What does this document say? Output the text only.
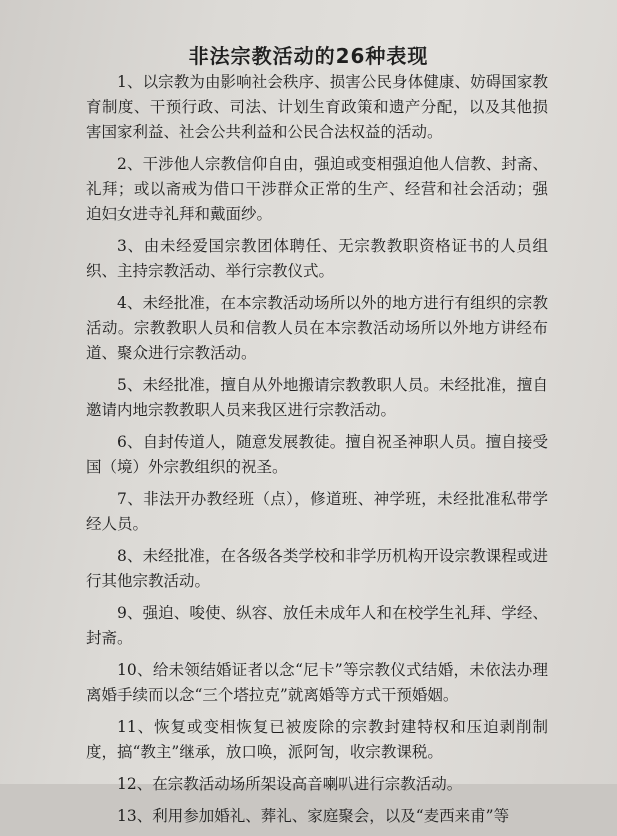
非法宗教活动的26种表现

1、以宗教为由影响社会秩序、损害公民身体健康、妨碍国家教育制度、干预行政、司法、计划生育政策和遗产分配，以及其他损害国家利益、社会公共利益和公民合法权益的活动。

2、干涉他人宗教信仰自由，强迫或变相强迫他人信教、封斋、礼拜；或以斋戒为借口干涉群众正常的生产、经营和社会活动；强迫妇女进寺礼拜和戴面纱。

3、由未经爱国宗教团体聘任、无宗教教职资格证书的人员组织、主持宗教活动、举行宗教仪式。

4、未经批准，在本宗教活动场所以外的地方进行有组织的宗教活动。宗教教职人员和信教人员在本宗教活动场所以外地方讲经布道、聚众进行宗教活动。

5、未经批准，擅自从外地搬请宗教教职人员。未经批准，擅自邀请内地宗教教职人员来我区进行宗教活动。

6、自封传道人，随意发展教徒。擅自祝圣神职人员。擅自接受国（境）外宗教组织的祝圣。

7、非法开办教经班（点），修道班、神学班，未经批准私带学经人员。

8、未经批准，在各级各类学校和非学历机构开设宗教课程或进行其他宗教活动。

9、强迫、唆使、纵容、放任未成年人和在校学生礼拜、学经、封斋。

10、给未领结婚证者以念“尼卡”等宗教仪式结婚，未依法办理离婚手续而以念“三个塔拉克”就离婚等方式干预婚姻。

11、恢复或变相恢复已被废除的宗教封建特权和压迫剥削制度，搞“教主”继承，放口唤，派阿訇，收宗教课税。

12、在宗教活动场所架设高音喇叭进行宗教活动。

13、利用参加婚礼、葬礼、家庭聚会，以及“麦西来甫”等
